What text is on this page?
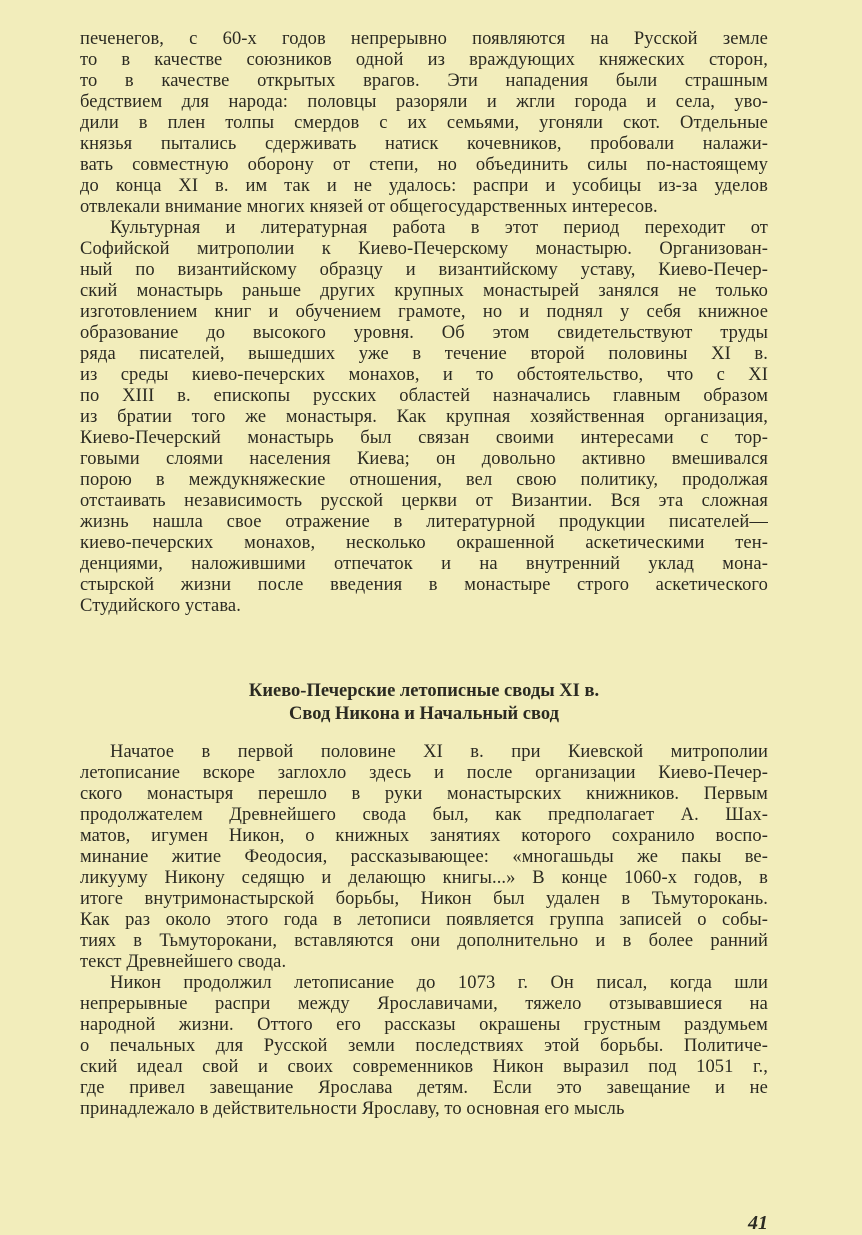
печенегов, с 60-х годов непрерывно появляются на Русской земле
то в качестве союзников одной из враждующих княжеских сторон,
то в качестве открытых врагов. Эти нападения были страшным
бедствием для народа: половцы разоряли и жгли города и села, уво-
дили в плен толпы смердов с их семьями, угоняли скот. Отдельные
князья пытались сдерживать натиск кочевников, пробовали налажи-
вать совместную оборону от степи, но объединить силы по-настоящему
до конца XI в. им так и не удалось: распри и усобицы из-за уделов
отвлекали внимание многих князей от общегосударственных интересов.
Культурная и литературная работа в этот период переходит от
Софийской митрополии к Киево-Печерскому монастырю. Организован-
ный по византийскому образцу и византийскому уставу, Киево-Печер-
ский монастырь раньше других крупных монастырей занялся не только
изготовлением книг и обучением грамоте, но и поднял у себя книжное
образование до высокого уровня. Об этом свидетельствуют труды
ряда писателей, вышедших уже в течение второй половины XI в.
из среды киево-печерских монахов, и то обстоятельство, что с XI
по XIII в. епископы русских областей назначались главным образом
из братии того же монастыря. Как крупная хозяйственная организация,
Киево-Печерский монастырь был связан своими интересами с тор-
говыми слоями населения Киева; он довольно активно вмешивался
порою в междукняжеские отношения, вел свою политику, продолжая
отстаивать независимость русской церкви от Византии. Вся эта сложная
жизнь нашла свое отражение в литературной продукции писателей—
киево-печерских монахов, несколько окрашенной аскетическими тен-
денциями, наложившими отпечаток и на внутренний уклад мона-
стырской жизни после введения в монастыре строго аскетического
Студийского устава.
Киево-Печерские летописные своды XI в.
Свод Никона и Начальный свод
Начатое в первой половине XI в. при Киевской митрополии
летописание вскоре заглохло здесь и после организации Киево-Печер-
ского монастыря перешло в руки монастырских книжников. Первым
продолжателем Древнейшего свода был, как предполагает А. Шах-
матов, игумен Никон, о книжных занятиях которого сохранило воспо-
минание житие Феодосия, рассказывающее: «многашьды же пакы ве-
ликууму Никону седящю и делающю книгы...» В конце 1060-х годов, в
итоге внутримонастырской борьбы, Никон был удален в Тьмуторокань.
Как раз около этого года в летописи появляется группа записей о собы-
тиях в Тьмуторокани, вставляются они дополнительно и в более ранний
текст Древнейшего свода.
Никон продолжил летописание до 1073 г. Он писал, когда шли
непрерывные распри между Ярославичами, тяжело отзывавшиеся на
народной жизни. Оттого его рассказы окрашены грустным раздумьем
о печальных для Русской земли последствиях этой борьбы. Политиче-
ский идеал свой и своих современников Никон выразил под 1051 г.,
где привел завещание Ярослава детям. Если это завещание и не
принадлежало в действительности Ярославу, то основная его мысль
41
